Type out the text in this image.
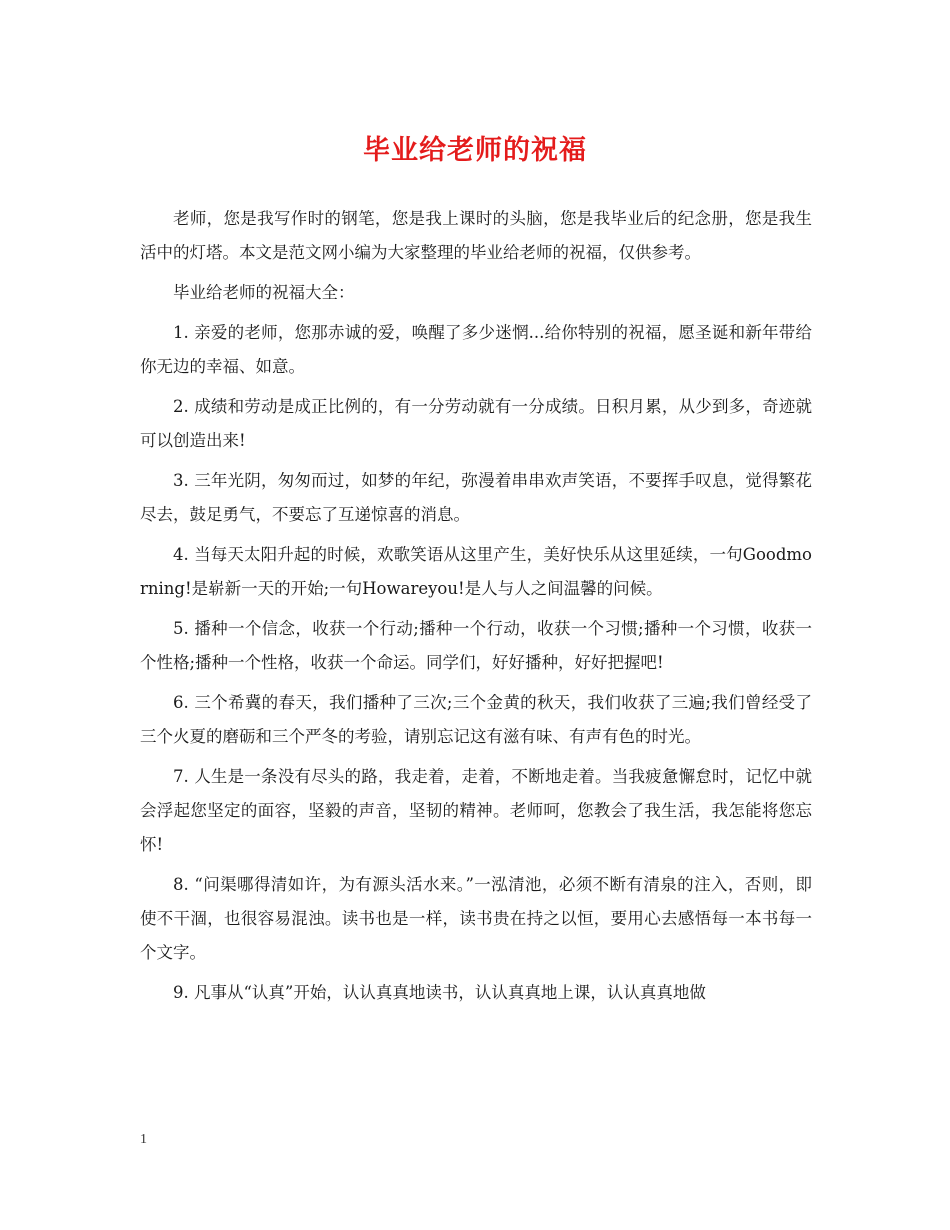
毕业给老师的祝福

老师，您是我写作时的钢笔，您是我上课时的头脑，您是我毕业后的纪念册，您是我生活中的灯塔。本文是范文网小编为大家整理的毕业给老师的祝福，仅供参考。

毕业给老师的祝福大全：

1. 亲爱的老师，您那赤诚的爱，唤醒了多少迷惘...给你特别的祝福，愿圣诞和新年带给你无边的幸福、如意。

2. 成绩和劳动是成正比例的，有一分劳动就有一分成绩。日积月累，从少到多，奇迹就可以创造出来!

3. 三年光阴，匆匆而过，如梦的年纪，弥漫着串串欢声笑语，不要挥手叹息，觉得繁花尽去，鼓足勇气，不要忘了互递惊喜的消息。

4. 当每天太阳升起的时候，欢歌笑语从这里产生，美好快乐从这里延续，一句Goodmorning!是崭新一天的开始;一句Howareyou!是人与人之间温馨的问候。

5. 播种一个信念，收获一个行动;播种一个行动，收获一个习惯;播种一个习惯，收获一个性格;播种一个性格，收获一个命运。同学们，好好播种，好好把握吧!

6. 三个希冀的春天，我们播种了三次;三个金黄的秋天，我们收获了三遍;我们曾经受了三个火夏的磨砺和三个严冬的考验，请别忘记这有滋有味、有声有色的时光。

7. 人生是一条没有尽头的路，我走着，走着，不断地走着。当我疲惫懈怠时，记忆中就会浮起您坚定的面容，坚毅的声音，坚韧的精神。老师呵，您教会了我生活，我怎能将您忘怀!

8. “问渠哪得清如许，为有源头活水来。”一泓清池，必须不断有清泉的注入，否则，即使不干涸，也很容易混浊。读书也是一样，读书贵在持之以恒，要用心去感悟每一本书每一个文字。

9. 凡事从“认真”开始，认认真真地读书，认认真真地上课，认认真真地做

1
